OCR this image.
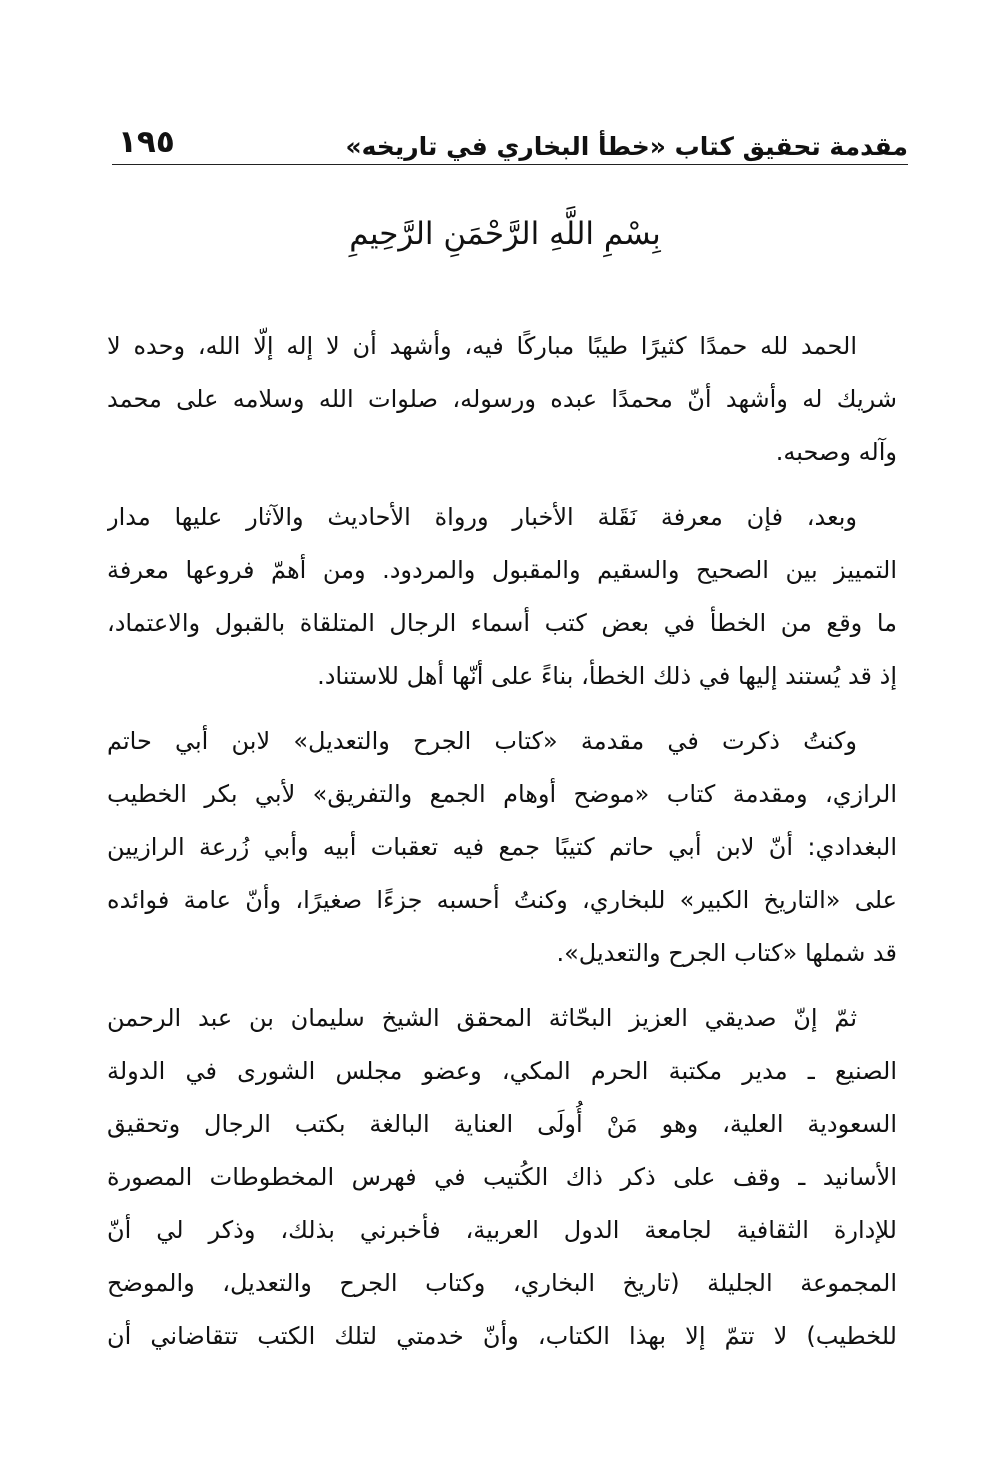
مقدمة تحقيق كتاب «خطأ البخاري في تاريخه»
١٩٥
بِسْمِ اللَّهِ الرَّحْمَنِ الرَّحِيمِ
الحمد لله حمدًا كثيرًا طيبًا مباركًا فيه، وأشهد أن لا إله إلّا الله، وحده لا
شريك له وأشهد أنّ محمدًا عبده ورسوله، صلوات الله وسلامه على محمد
وآله وصحبه.
وبعد، فإن معرفة نَقَلة الأخبار ورواة الأحاديث والآثار عليها مدار
التمييز بين الصحيح والسقيم والمقبول والمردود. ومن أهمّ فروعها معرفة
ما وقع من الخطأ في بعض كتب أسماء الرجال المتلقاة بالقبول والاعتماد،
إذ قد يُستند إليها في ذلك الخطأ، بناءً على أنّها أهل للاستناد.
وكنتُ ذكرت في مقدمة «كتاب الجرح والتعديل» لابن أبي حاتم
الرازي، ومقدمة كتاب «موضح أوهام الجمع والتفريق» لأبي بكر الخطيب
البغدادي: أنّ لابن أبي حاتم كتيبًا جمع فيه تعقبات أبيه وأبي زُرعة الرازيين
على «التاريخ الكبير» للبخاري، وكنتُ أحسبه جزءًا صغيرًا، وأنّ عامة فوائده
قد شملها «كتاب الجرح والتعديل».
ثمّ إنّ صديقي العزيز البحّاثة المحقق الشيخ سليمان بن عبد الرحمن
الصنيع ـ مدير مكتبة الحرم المكي، وعضو مجلس الشورى في الدولة
السعودية العلية، وهو مَنْ أُولَى العناية البالغة بكتب الرجال وتحقيق
الأسانيد ـ وقف على ذكر ذاك الكُتيب في فهرس المخطوطات المصورة
للإدارة الثقافية لجامعة الدول العربية، فأخبرني بذلك، وذكر لي أنّ
المجموعة الجليلة (تاريخ البخاري، وكتاب الجرح والتعديل، والموضح
للخطيب) لا تتمّ إلا بهذا الكتاب، وأنّ خدمتي لتلك الكتب تتقاضاني أن
